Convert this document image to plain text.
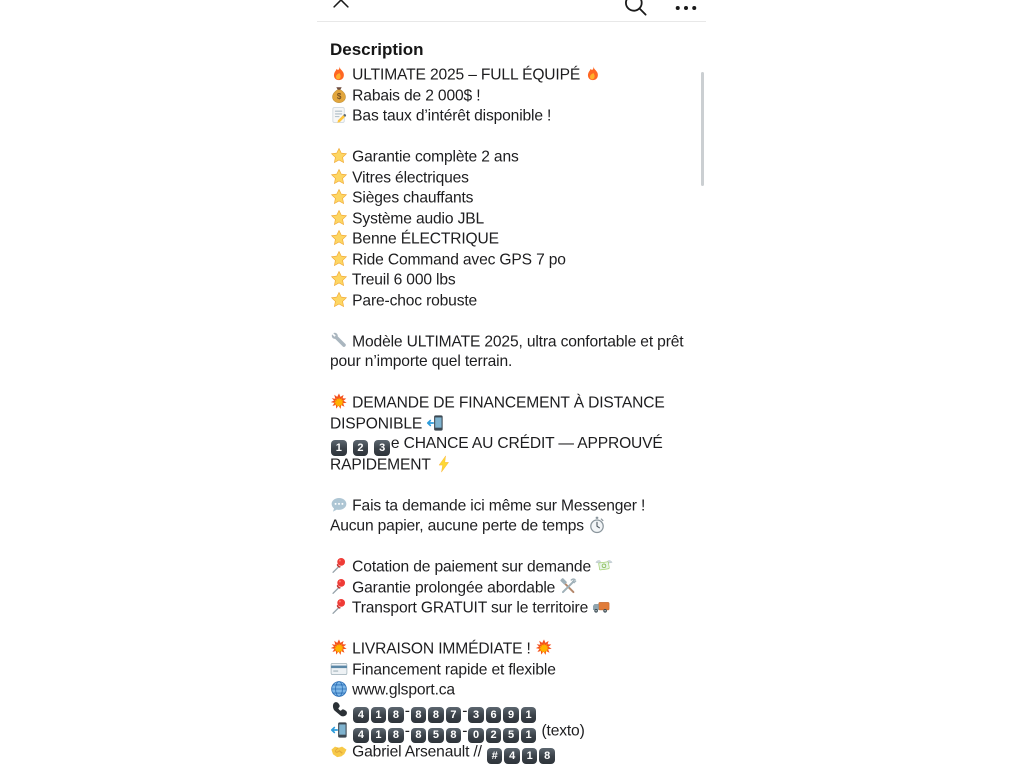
Description
ULTIMATE 2025 – FULL ÉQUIPÉ
$ Rabais de 2 000$ !
Bas taux d’intérêt disponible !
Garantie complète 2 ans
Vitres électriques
Sièges chauffants
Système audio JBL
Benne ÉLECTRIQUE
Ride Command avec GPS 7 po
Treuil 6 000 lbs
Pare-choc robuste
Modèle ULTIMATE 2025, ultra confortable et prêt
pour n’importe quel terrain.
DEMANDE DE FINANCEMENT À DISTANCE
DISPONIBLE
1 2 3 e CHANCE AU CRÉDIT — APPROUVÉ
RAPIDEMENT
Fais ta demande ici même sur Messenger !
Aucun papier, aucune perte de temps
Cotation de paiement sur demande
Garantie prolongée abordable
Transport GRATUIT sur le territoire
LIVRAISON IMMÉDIATE !
Financement rapide et flexible
www.glsport.ca
4 1 8 - 8 8 7 - 3 6 9 1
4 1 8 - 8 5 8 - 0 2 5 1 (texto)
Gabriel Arsenault // # 4 1 8
